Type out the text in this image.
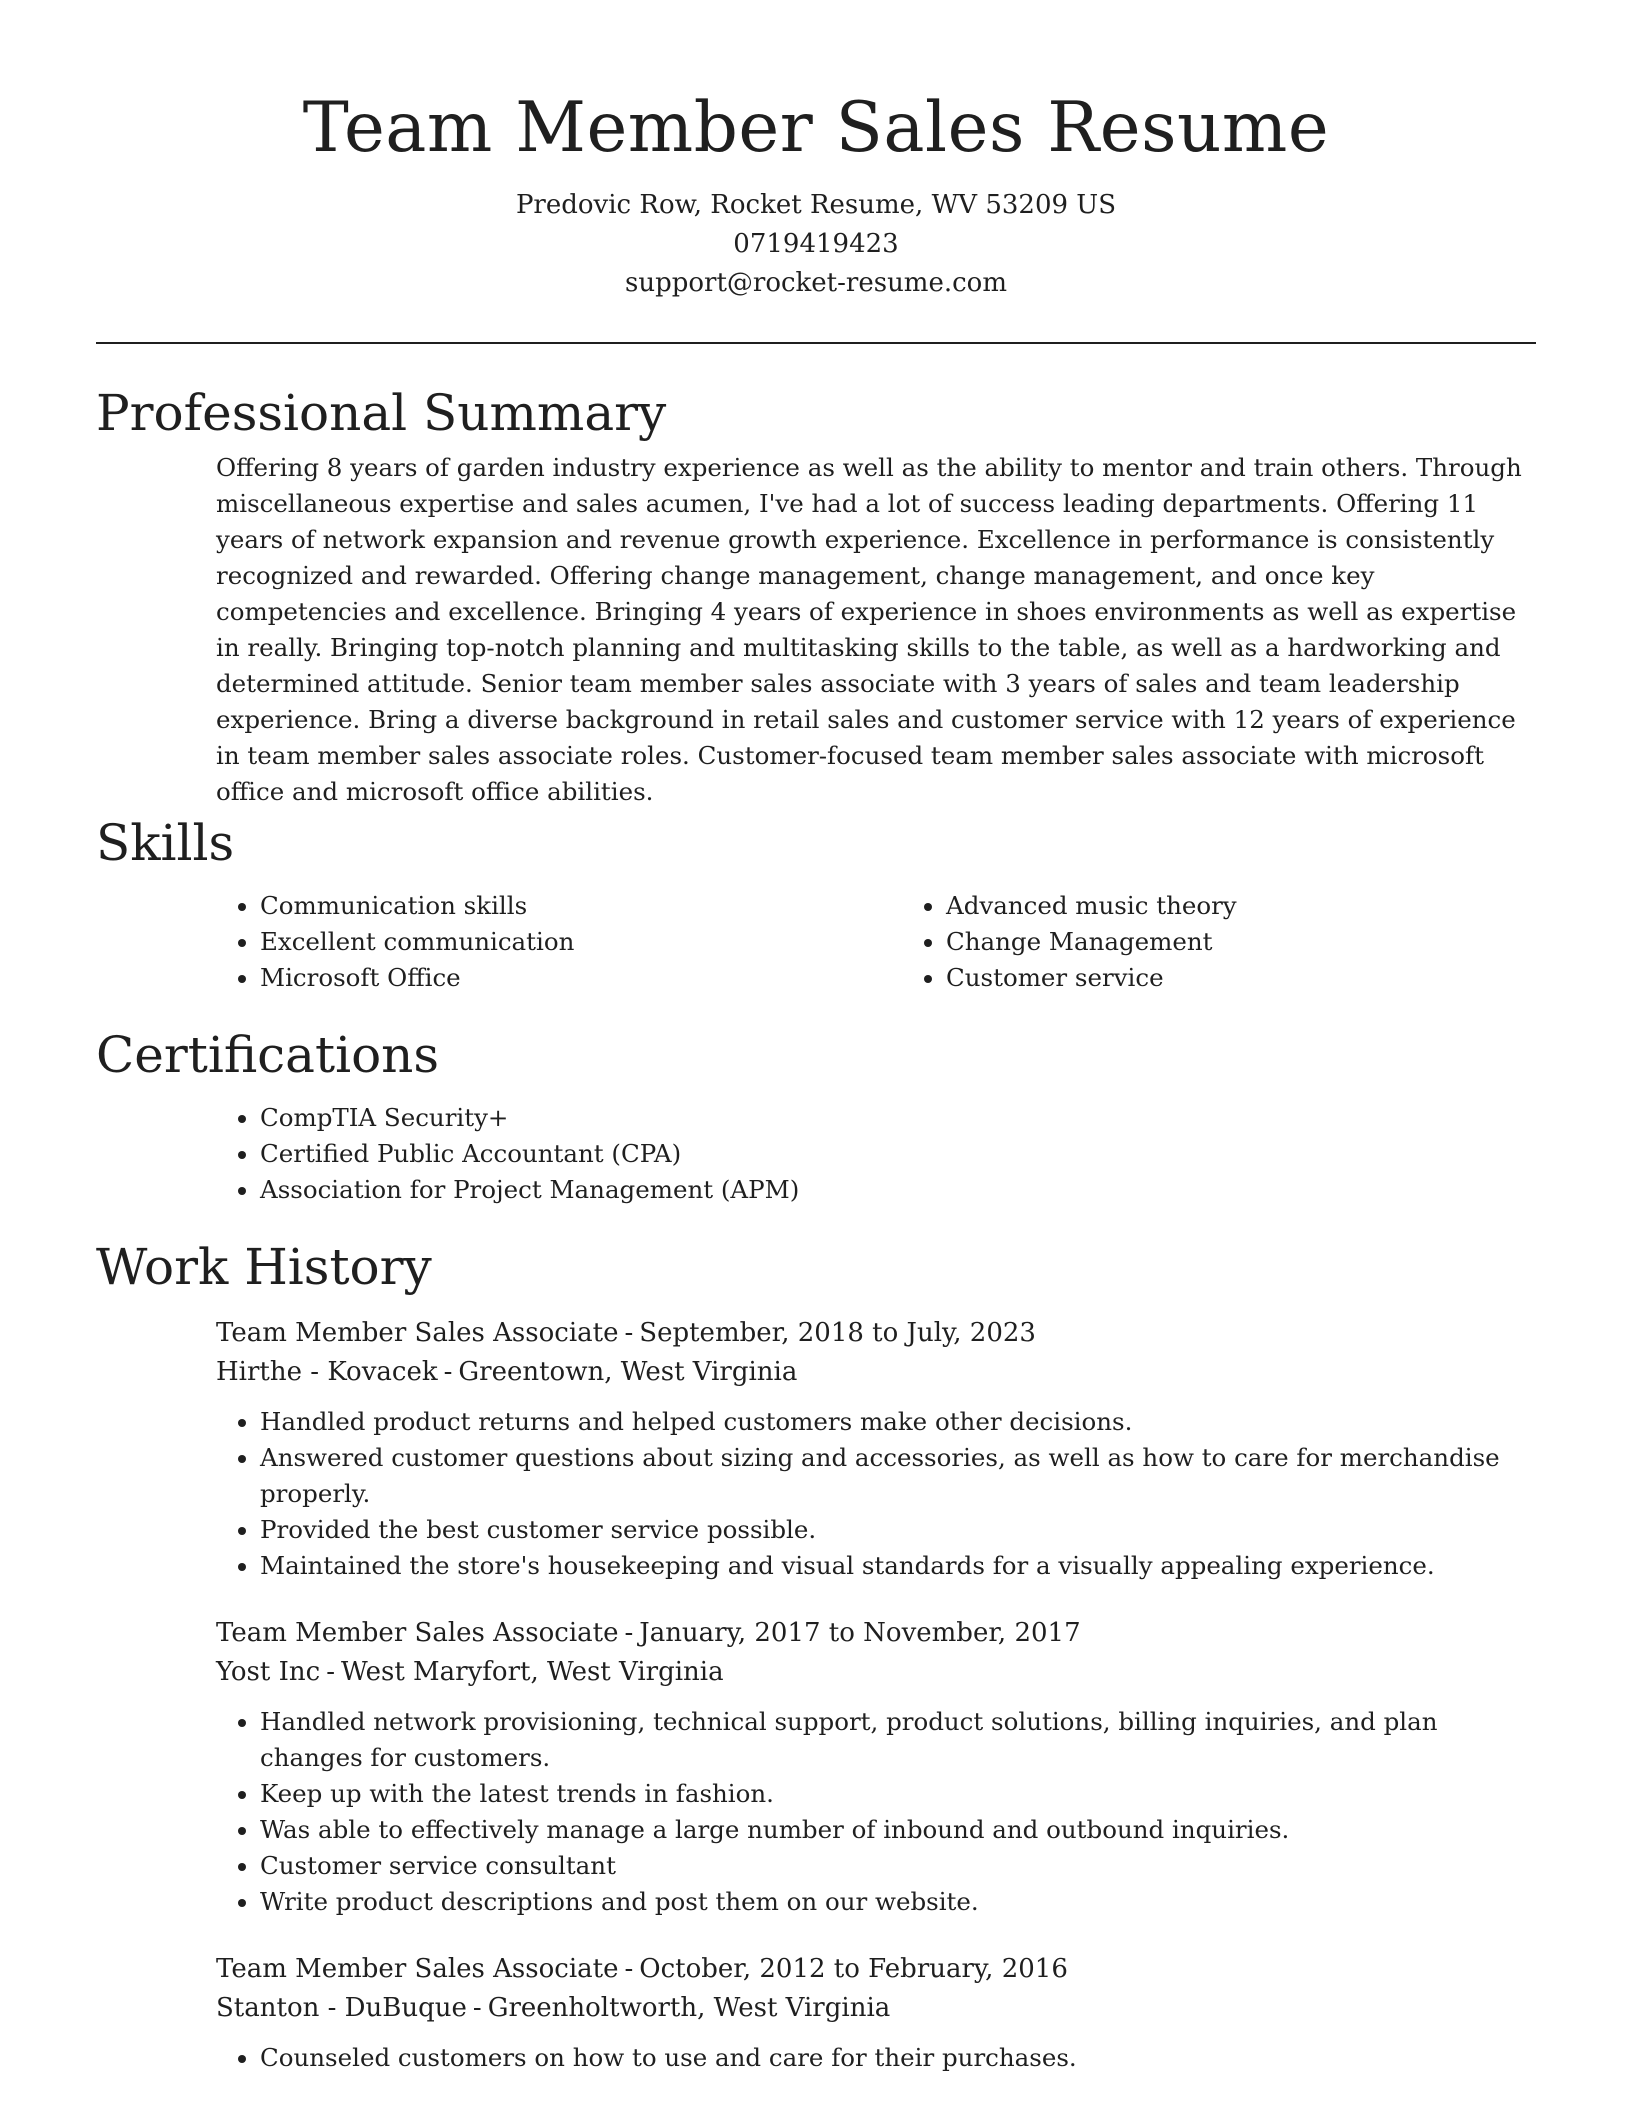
Team Member Sales Resume
Predovic Row, Rocket Resume, WV 53209 US
0719419423
support@rocket-resume.com
Professional Summary

Offering 8 years of garden industry experience as well as the ability to mentor and train others. Through miscellaneous expertise and sales acumen, I've had a lot of success leading departments. Offering 11 years of network expansion and revenue growth experience. Excellence in performance is consistently recognized and rewarded. Offering change management, change management, and once key competencies and excellence. Bringing 4 years of experience in shoes environments as well as expertise in really. Bringing top-notch planning and multitasking skills to the table, as well as a hardworking and determined attitude. Senior team member sales associate with 3 years of sales and team leadership experience. Bring a diverse background in retail sales and customer service with 12 years of experience in team member sales associate roles. Customer-focused team member sales associate with microsoft office and microsoft office abilities.

Skills
• Communication skills
• Excellent communication
• Microsoft Office
• Advanced music theory
• Change Management
• Customer service
Certifications
• CompTIA Security+
• Certified Public Accountant (CPA)
• Association for Project Management (APM)
Work History
Team Member Sales Associate - September, 2018 to July, 2023
Hirthe - Kovacek - Greentown, West Virginia
• Handled product returns and helped customers make other decisions.
• Answered customer questions about sizing and accessories, as well as how to care for merchandise properly.
• Provided the best customer service possible.
• Maintained the store's housekeeping and visual standards for a visually appealing experience.
Team Member Sales Associate - January, 2017 to November, 2017
Yost Inc - West Maryfort, West Virginia
• Handled network provisioning, technical support, product solutions, billing inquiries, and plan changes for customers.
• Keep up with the latest trends in fashion.
• Was able to effectively manage a large number of inbound and outbound inquiries.
• Customer service consultant
• Write product descriptions and post them on our website.
Team Member Sales Associate - October, 2012 to February, 2016
Stanton - DuBuque - Greenholtworth, West Virginia
• Counseled customers on how to use and care for their purchases.
